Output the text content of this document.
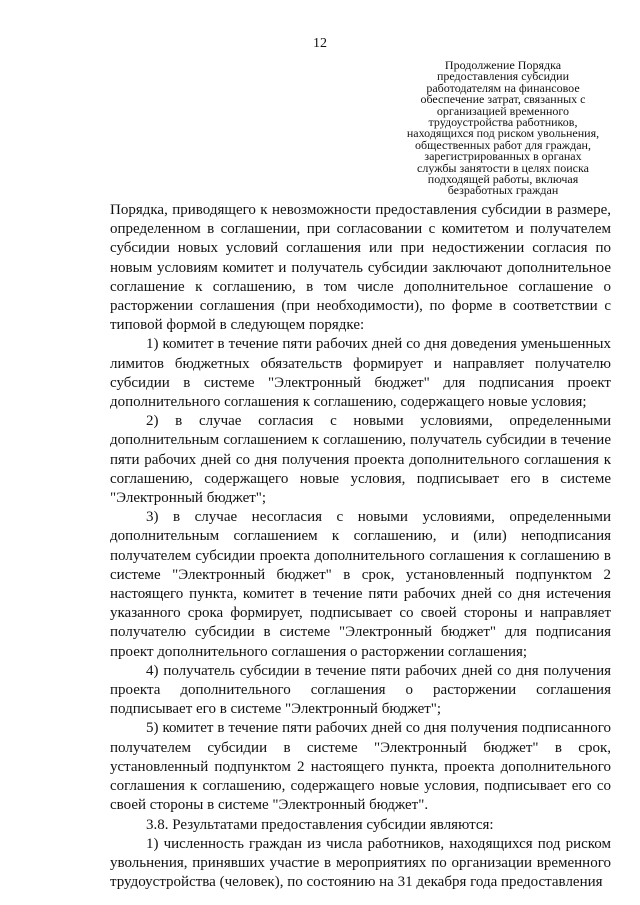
12
Продолжение Порядка
предоставления субсидии
работодателям на финансовое
обеспечение затрат, связанных с
организацией временного
трудоустройства работников,
находящихся под риском увольнения,
общественных работ для граждан,
зарегистрированных в органах
службы занятости в целях поиска
подходящей работы, включая
безработных граждан

Порядка, приводящего к невозможности предоставления субсидии в размере, определенном в соглашении, при согласовании с комитетом и получателем субсидии новых условий соглашения или при недостижении согласия по новым условиям комитет и получатель субсидии заключают дополнительное соглашение к соглашению, в том числе дополнительное соглашение о расторжении соглашения (при необходимости), по форме в соответствии с типовой формой в следующем порядке:

1) комитет в течение пяти рабочих дней со дня доведения уменьшенных лимитов бюджетных обязательств формирует и направляет получателю субсидии в системе "Электронный бюджет" для подписания проект дополнительного соглашения к соглашению, содержащего новые условия;

2) в случае согласия с новыми условиями, определенными дополнительным соглашением к соглашению, получатель субсидии в течение пяти рабочих дней со дня получения проекта дополнительного соглашения к соглашению, содержащего новые условия, подписывает его в системе "Электронный бюджет";

3) в случае несогласия с новыми условиями, определенными дополнительным соглашением к соглашению, и (или) неподписания получателем субсидии проекта дополнительного соглашения к соглашению в системе "Электронный бюджет" в срок, установленный подпунктом 2 настоящего пункта, комитет в течение пяти рабочих дней со дня истечения указанного срока формирует, подписывает со своей стороны и направляет получателю субсидии в системе "Электронный бюджет" для подписания проект дополнительного соглашения о расторжении соглашения;

4) получатель субсидии в течение пяти рабочих дней со дня получения проекта дополнительного соглашения о расторжении соглашения подписывает его в системе "Электронный бюджет";

5) комитет в течение пяти рабочих дней со дня получения подписанного получателем субсидии в системе "Электронный бюджет" в срок, установленный подпунктом 2 настоящего пункта, проекта дополнительного соглашения к соглашению, содержащего новые условия, подписывает его со своей стороны в системе "Электронный бюджет".

3.8. Результатами предоставления субсидии являются:

1) численность граждан из числа работников, находящихся под риском увольнения, принявших участие в мероприятиях по организации временного трудоустройства (человек), по состоянию на 31 декабря года предоставления
